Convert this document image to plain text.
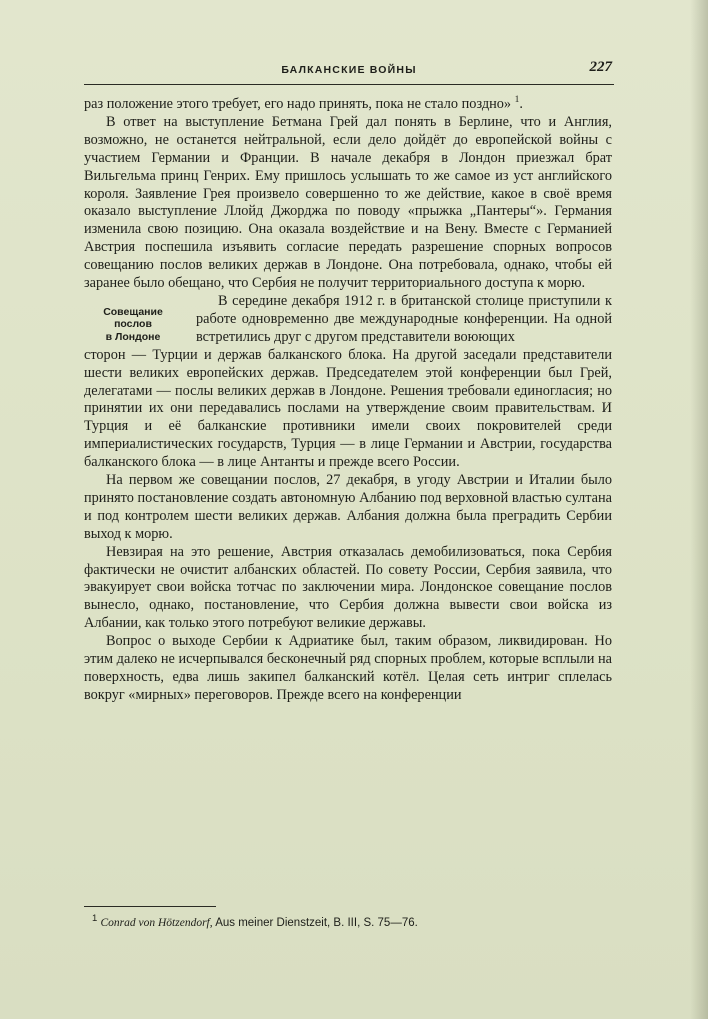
БАЛКАНСКИЕ ВОЙНЫ	227

раз положение этого требует, его надо принять, пока не стало поздно» $^1$.

В ответ на выступление Бетмана Грей дал понять в Берлине, что и Англия, возможно, не останется нейтральной, если дело дойдёт до европейской войны с участием Германии и Франции. В начале декабря в Лондон приезжал брат Вильгельма принц Генрих. Ему пришлось услышать то же самое из уст английского короля. Заявление Грея произвело совершенно то же действие, какое в своё время оказало выступление Ллойд Джорджа по поводу «прыжка „Пантеры“». Германия изменила свою позицию. Она оказала воздействие и на Вену. Вместе с Германией Австрия поспешила изъявить согласие передать разрешение спорных вопросов совещанию послов великих держав в Лондоне. Она потребовала, однако, чтобы ей заранее было обещано, что Сербия не получит территориального доступа к морю.

Совещание
послов
в Лондоне

В середине декабря 1912 г. в британской столице приступили к работе одновременно две международные конференции. На одной встретились друг с другом представители воюющих

сторон — Турции и держав балканского блока. На другой заседали представители шести великих европейских держав. Председателем этой конференции был Грей, делегатами — послы великих держав в Лондоне. Решения требовали единогласия; но принятии их они передавались послами на утверждение своим правительствам. И Турция и её балканские противники имели своих покровителей среди империалистических государств, Турция — в лице Германии и Австрии, государства балканского блока — в лице Антанты и прежде всего России.

На первом же совещании послов, 27 декабря, в угоду Австрии и Италии было принято постановление создать автономную Албанию под верховной властью султана и под контролем шести великих держав. Албания должна была преградить Сербии выход к морю.

Невзирая на это решение, Австрия отказалась демобилизоваться, пока Сербия фактически не очистит албанских областей. По совету России, Сербия заявила, что эвакуирует свои войска тотчас по заключении мира. Лондонское совещание послов вынесло, однако, постановление, что Сербия должна вывести свои войска из Албании, как только этого потребуют великие державы.

Вопрос о выходе Сербии к Адриатике был, таким образом, ликвидирован. Но этим далеко не исчерпывался бесконечный ряд спорных проблем, которые всплыли на поверхность, едва лишь закипел балканский котёл. Целая сеть интриг сплелась вокруг «мирных» переговоров. Прежде всего на конференции

$^1$ Conrad von Hötzendorf, Aus meiner Dienstzeit, B. III, S. 75—76.
